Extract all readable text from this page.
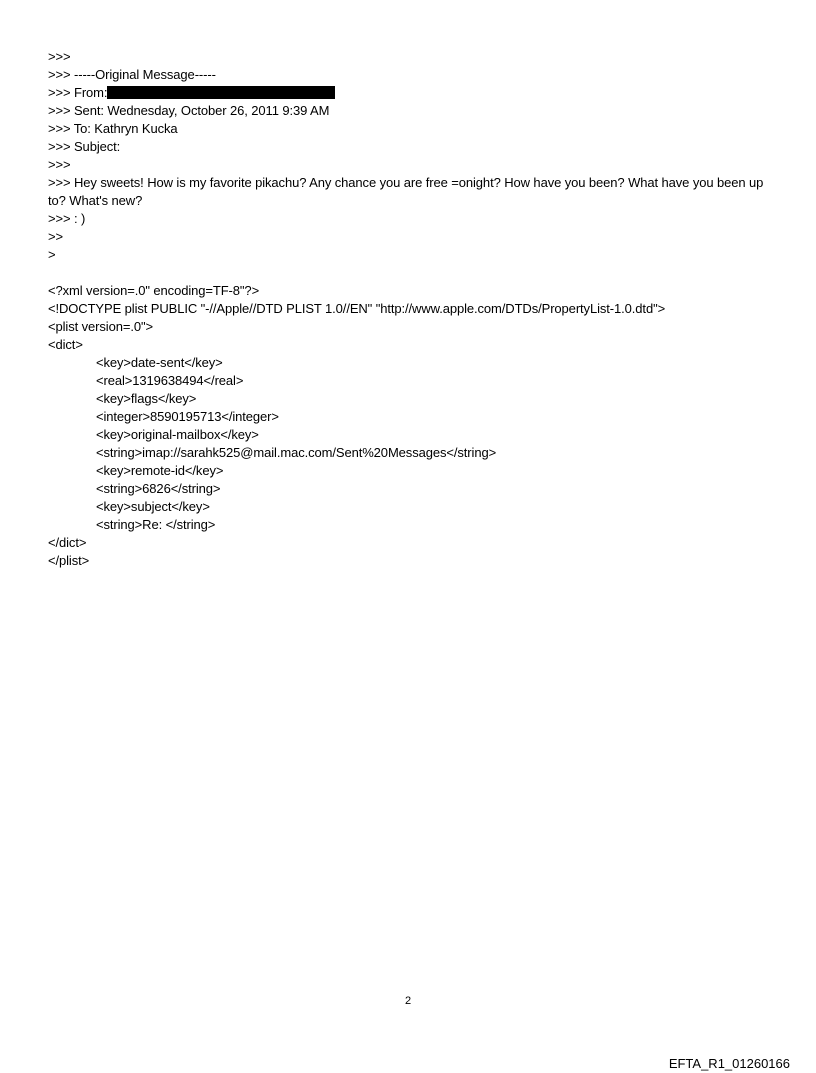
>>>
>>> -----Original Message-----
>>> From:
>>> Sent: Wednesday, October 26, 2011 9:39 AM
>>> To: Kathryn Kucka
>>> Subject:
>>>
>>> Hey sweets! How is my favorite pikachu? Any chance you are free =onight? How have you been? What have you been up to? What's new?
>>> : )
>>
>
<?xml version=.0" encoding=TF-8"?>
<!DOCTYPE plist PUBLIC "-//Apple//DTD PLIST 1.0//EN" "http://www.apple.com/DTDs/PropertyList-1.0.dtd">
<plist version=.0">
<dict>
<key>date-sent</key>
<real>1319638494</real>
<key>flags</key>
<integer>8590195713</integer>
<key>original-mailbox</key>
<string>imap://sarahk525@mail.mac.com/Sent%20Messages</string>
<key>remote-id</key>
<string>6826</string>
<key>subject</key>
<string>Re: </string>
</dict>
</plist>
2
EFTA_R1_01260166
